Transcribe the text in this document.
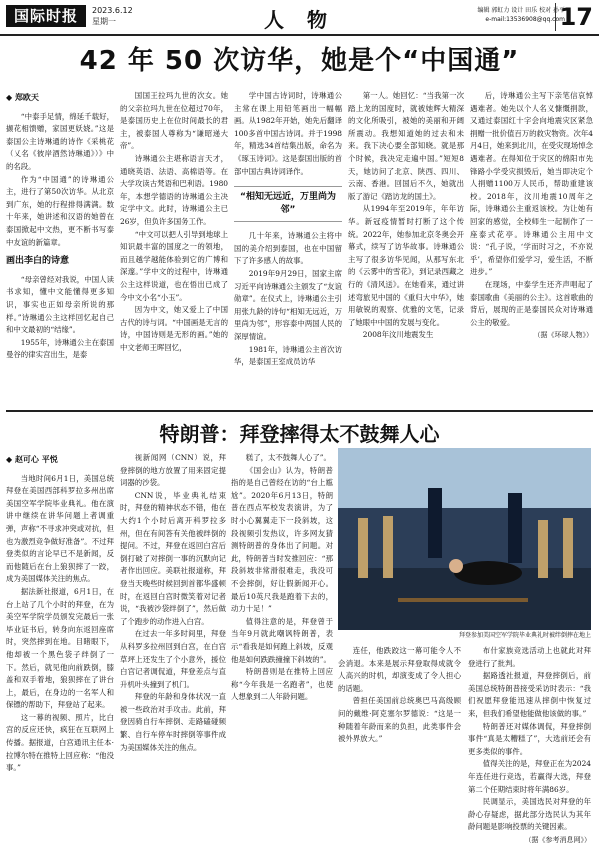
国际时报	2023.6.12
星期一	人 物	编辑 郭虹力 设计 田乐 校对 孙平
e-mail:13536908@qq.com
17
42 年 50 次访华，她是个“中国通”
◆ 郑欧天

“中泰手足情，绵延千载好，撷花相馈赠，家国更妖娆。”这是泰国公主诗琳通的诗作《采桃花（乂名《彼岸酒然诗琳通》）》中的名段。

作为“中国通”的诗琳通公主，进行了第50次访华。从北京到广东，她的行程排得满满。数十年来，她讲述和汉语的她曾在泰国掀起中文热，更不断书写泰中友谊的新篇章。

画出李白的诗意

“母亲曾经对我说，中国人读书求知，懂中文能懂得更多知识，事实也正如母亲所说的那样。”诗琳通公主这样回忆起自己和中文最初的“结缘”。

1955年，诗琳通公主在泰国曼谷的律实宫出生，是泰

国国王拉玛九世的次女。她的父亲拉玛九世在位超过70年，是泰国历史上在位时间最长的君主，被泰国人尊称为“谦昭递大帝”。

诗琳通公主堪称语言天才，通晓英语、法语、高棉语等。在大学攻读古梵语和巴利语。1980年，本想学德语的诗琳通公主决定学中文。此时，诗琳通公主已26岁，但负许多国务工作。

“中文可以把人引导到地球上知识最丰富的国度之一的领地，而且越学越能体验到它的广博和深邃。”学中文的过程中，诗琳通公主这样说道，也在悟出已成了今中文小名“小玉”。

因为中文，她又爱上了中国古代的诗与词。“中国画是无言的诗，中国诗则是无形的画。”她的中文老师王晖回忆，

学中国古诗词时，诗琳通公主常在课上用铅笔画出一幅幅画。从1982年开始，她先后翻译100多首中国古诗词。并于1998年，精选34首结集出版，命名为《琢玉诗词》。这是泰国出版的首部中国古典诗词译作。

“相知无远近，万里尚为邻”

几十年来，诗琳通公主将中国的美介绍到泰国，也在中国留下了许多感人的故事。

2019年9月29日，国家主席习近平向诗琳通公主颁发了“友谊勋章”。在仪式上，诗琳通公主引用张九龄的诗句“相知无远近，万里尚为邻”，形容泰中两国人民的深厚情谊。

1981年，诗琳通公主首次访华，是泰国王室成员访华

第一人。她回忆：“当我第一次踏上龙的国度时，就被她辉大精深的文化所吸引，被她的美丽和开阔所震动。我想知道她的过去和未来。我下决心要全部知晓。就是那个时候，我决定走遍中国。”短短8天，她访问了北京、陕西、四川、云南、香港。回国后不久，她就出版了游记《踏访龙的国土》。

从1994年至2019年，年年访华。新冠疫情暂时打断了这个传统。2022年，她参加北京冬奥会开幕式，续写了访华故事。诗琳通公主写了很多访华见闻，从那写东北的《云雾中的雪花》，到记录西藏之行的《清风送》。在她看来，通过讲述弯旅见中国的《重归大中华》，她用敏锐的观察、优雅的文笔，记录了她眼中中国的发展与变化。

2008年汶川地震发生

后，诗琳通公主写下亲笔信哀悼遇难者。她先以个人名义慷慨捐款，又通过泰国红十字会向地震灾区紧急捐赠一批价值百万的救灾物资。次年4月4日，她来到北川，在受灾现场悼念遇难者。在得知位于灾区的绵阳市先锋路小学受灾损毁后，她当即决定个人捐赠1100万人民币，帮助重建该校。2018年，汶川地震10周年之际，诗琳通公主重返该校。为让她有回家的感觉，全校师生一起制作了一座泰式花亭。诗琳通公主用中文说：“孔子说，‘学而时习之，不亦说乎’，希望你们爱学习，爱生活，不断进步。”

在现场，中泰学生还齐声唱起了泰国歌曲《美丽的公主》。这首歌曲的背后，展现的正是泰国民众对诗琳通公主的敬爱。

（据《环球人物》）
特朗普：拜登摔得太不鼓舞人心
◆ 赵可心 平悦

当地时间6月1日，美国总统拜登在美国西部科罗拉多州出席美国空军学院毕业典礼。他在演讲中继续在讲华问题上者调重弹，声称“不寻求冲突或对抗，但也为激烈竞争做好准备”。不过拜登类似的言论早已不是新闻，反而他随后在台上狼狈摔了一跤，成为美国媒体关注的焦点。

据法新社报道，6月1日，在台上站了几个小时的拜登，在为美空军学院学员颁发完最后一张毕业证书后，转身向东返回座席时，突然摔到在地。目睹眼下，他却被一个黑色袋子绊倒了一下。然后，就见他向前跌倒，膝盖和双手着地，狼狈摔在了讲台上，最后，在身边的一名军人和保镖的帮助下，拜登站了起来。

这一幕的视频、照片，比白宫的反应还快，疯狂在互联网上传播。据报道，白宫通讯主任本·拉博尔特在推特上回应称：“他没事。”

视新闻网（CNN）说，拜登摔倒的地方放置了用来固定提词器的沙袋。

CNN说，毕业典礼结束时，拜登的精神状态不错，他在大约1个小时后离开科罗拉多州，但在有间答有关他被绊倒的提问。不过，拜登在返回白宫后倒打破了对摔倒一事的沉默向记者作出回应。美联社报道称，拜登当天晚些时候回到首都华盛顿时，在返回白宫时微笑着对记者说，“我被沙袋绊倒了”，然后做了个跑步的动作进入白宫。

在过去一年多时间里，拜登从科罗多拉州回到白宫，在白宫草坪上还发生了个小意外，援位白宫记者调侃道，拜登差点与直升机叶头撞到了机门。

拜登的年龄和身体状况一直被一些政治对手攻击。此前，拜登因骑自行车摔倒、走路磕碰频繁、自行车停车时摔倒等事件成为美国媒体关注的焦点。

糕了，太不鼓舞人心了”。

《国会山》认为，特朗普指的是自己曾经在访的“台上尴尬”。2020年6月13日，特朗普在西点军校发表演讲，为了时小心翼翼走下一段斜坡，这段视频引发热议，许多网友猜测特朗普的身体出了问题。对此，特朗普当时发推回应：“那段斜坡非常滑很难走，我没可不会摔倒，好让假新闻开心。最后10英尺我是跑着下去的，动力十足！”

值得注意的是，拜登曾于当年9月就此嘲讽特朗普，表示“看我是如何跑上斜坡，反观他是如何跌跌撞撞下斜坡的”。

特朗普则是在推特上回应称“今年我是一名跑者”，也使人想象到二人年龄问题。

拜登参加美国空军学院毕业典礼时被绊倒摔在地上

连任，他跌跤这一幕可能令人不会消退。本来是展示拜登取得成就令人高兴的时机，却演变成了令人担心的话题。

曾担任美国前总统奥巴马高级顾问的戴维·阿克塞尔罗德说：“这是一种随着年龄而来的负担，此类事件会被外界放大。”

布什家族竞选活动上也就此对拜登进行了批判。

据路透社报道，拜登摔倒后，前美国总统特朗普接受采访时表示：“我们祝愿拜登能迅速从摔倒中恢复过来，但我们希望他能做他该做的事。”

特朗普还对媒体调侃，拜登摔倒事件“真是太糟糕了”，大选前还会有更多类似的事件。

值得关注的是，拜登正在为2024年连任进行竞选，若赢得大选，拜登第二个任期结束时将年满86岁。

民调显示，美国选民对拜登的年龄心存疑虑，据此部分选民认为其年龄问题是影响投票的关键因素。

（据《参考消息网》）
